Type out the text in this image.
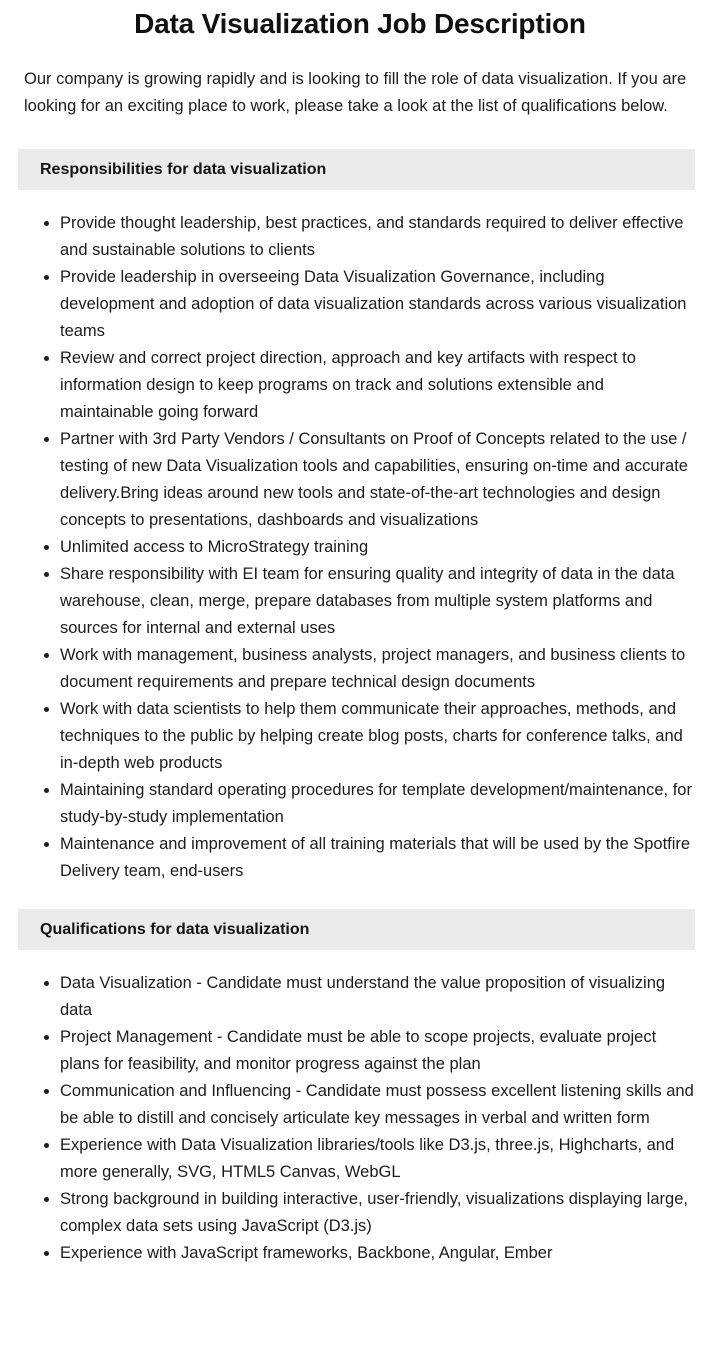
Data Visualization Job Description

Our company is growing rapidly and is looking to fill the role of data visualization. If you are looking for an exciting place to work, please take a look at the list of qualifications below.

Responsibilities for data visualization
Provide thought leadership, best practices, and standards required to deliver effective and sustainable solutions to clients
Provide leadership in overseeing Data Visualization Governance, including development and adoption of data visualization standards across various visualization teams
Review and correct project direction, approach and key artifacts with respect to information design to keep programs on track and solutions extensible and maintainable going forward
Partner with 3rd Party Vendors / Consultants on Proof of Concepts related to the use / testing of new Data Visualization tools and capabilities, ensuring on-time and accurate delivery.Bring ideas around new tools and state-of-the-art technologies and design concepts to presentations, dashboards and visualizations
Unlimited access to MicroStrategy training
Share responsibility with EI team for ensuring quality and integrity of data in the data warehouse, clean, merge, prepare databases from multiple system platforms and sources for internal and external uses
Work with management, business analysts, project managers, and business clients to document requirements and prepare technical design documents
Work with data scientists to help them communicate their approaches, methods, and techniques to the public by helping create blog posts, charts for conference talks, and in-depth web products
Maintaining standard operating procedures for template development/maintenance, for study-by-study implementation
Maintenance and improvement of all training materials that will be used by the Spotfire Delivery team, end-users
Qualifications for data visualization
Data Visualization - Candidate must understand the value proposition of visualizing data
Project Management - Candidate must be able to scope projects, evaluate project plans for feasibility, and monitor progress against the plan
Communication and Influencing - Candidate must possess excellent listening skills and be able to distill and concisely articulate key messages in verbal and written form
Experience with Data Visualization libraries/tools like D3.js, three.js, Highcharts, and more generally, SVG, HTML5 Canvas, WebGL
Strong background in building interactive, user-friendly, visualizations displaying large, complex data sets using JavaScript (D3.js)
Experience with JavaScript frameworks, Backbone, Angular, Ember
